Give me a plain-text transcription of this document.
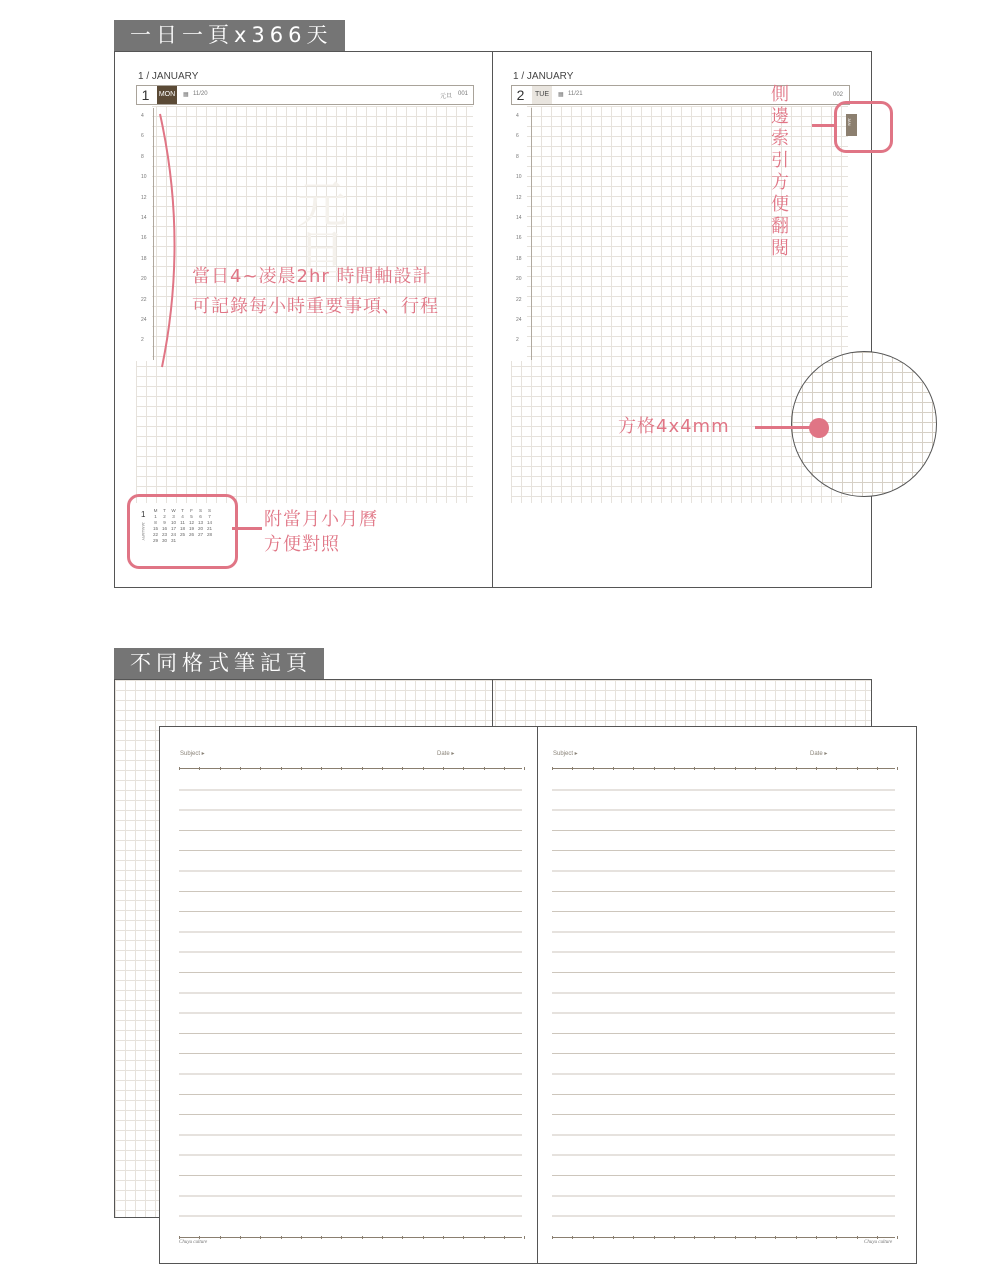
一日一頁x366天
1 / JANUARY
1	MON	▦ 11/20	元旦 001
4
6
8
10
12
14
16
18
20
22
24
2
元旦
當日4~凌晨2hr 時間軸設計
可記錄每小時重要事項、行程
1
JANUARY
M	T	W	T	F	S	S
1	2	3	4	5	6	7
8	9	10	11	12	13	14
15	16	17	18	19	20	21
22	23	24	25	26	27	28
29	30	31				
附當月小月曆
方便對照
1 / JANUARY
2	TUE	▦ 11/21	002
4
6
8
10
12
14
16
18
20
22
24
2
JAN
側邊索引方便翻閱
方格4x4mm
不同格式筆記頁
Subject ▸	Date ▸
Chuyu culture
Subject ▸	Date ▸
Chuyu culture
